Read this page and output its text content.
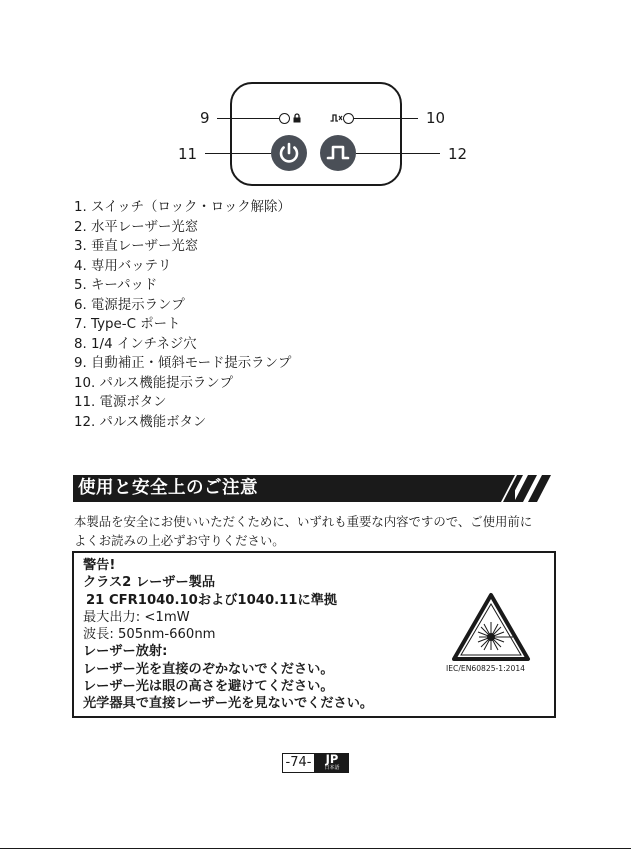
9	10
11	12
1. スイッチ（ロック・ロック解除）
2. 水平レーザー光窓
3. 垂直レーザー光窓
4. 専用バッテリ
5. キーパッド
6. 電源提示ランプ
7. Type-C ポート
8. 1/4 インチネジ穴
9. 自動補正・傾斜モード提示ランプ
10. パルス機能提示ランプ
11. 電源ボタン
12. パルス機能ボタン
使用と安全上のご注意

本製品を安全にお使いいただくために、いずれも重要な内容ですので、ご使用前に

よくお読みの上必ずお守りください。

警告!
クラス2 レーザー製品
21 CFR1040.10および1040.11に準拠
最大出力: <1mW
波長: 505nm-660nm
レーザー放射:
レーザー光を直接のぞかないでください。
レーザー光は眼の高さを避けてください。
光学器具で直接レーザー光を見ないでください。
IEC/EN60825-1:2014
-74-	JP
日本語
